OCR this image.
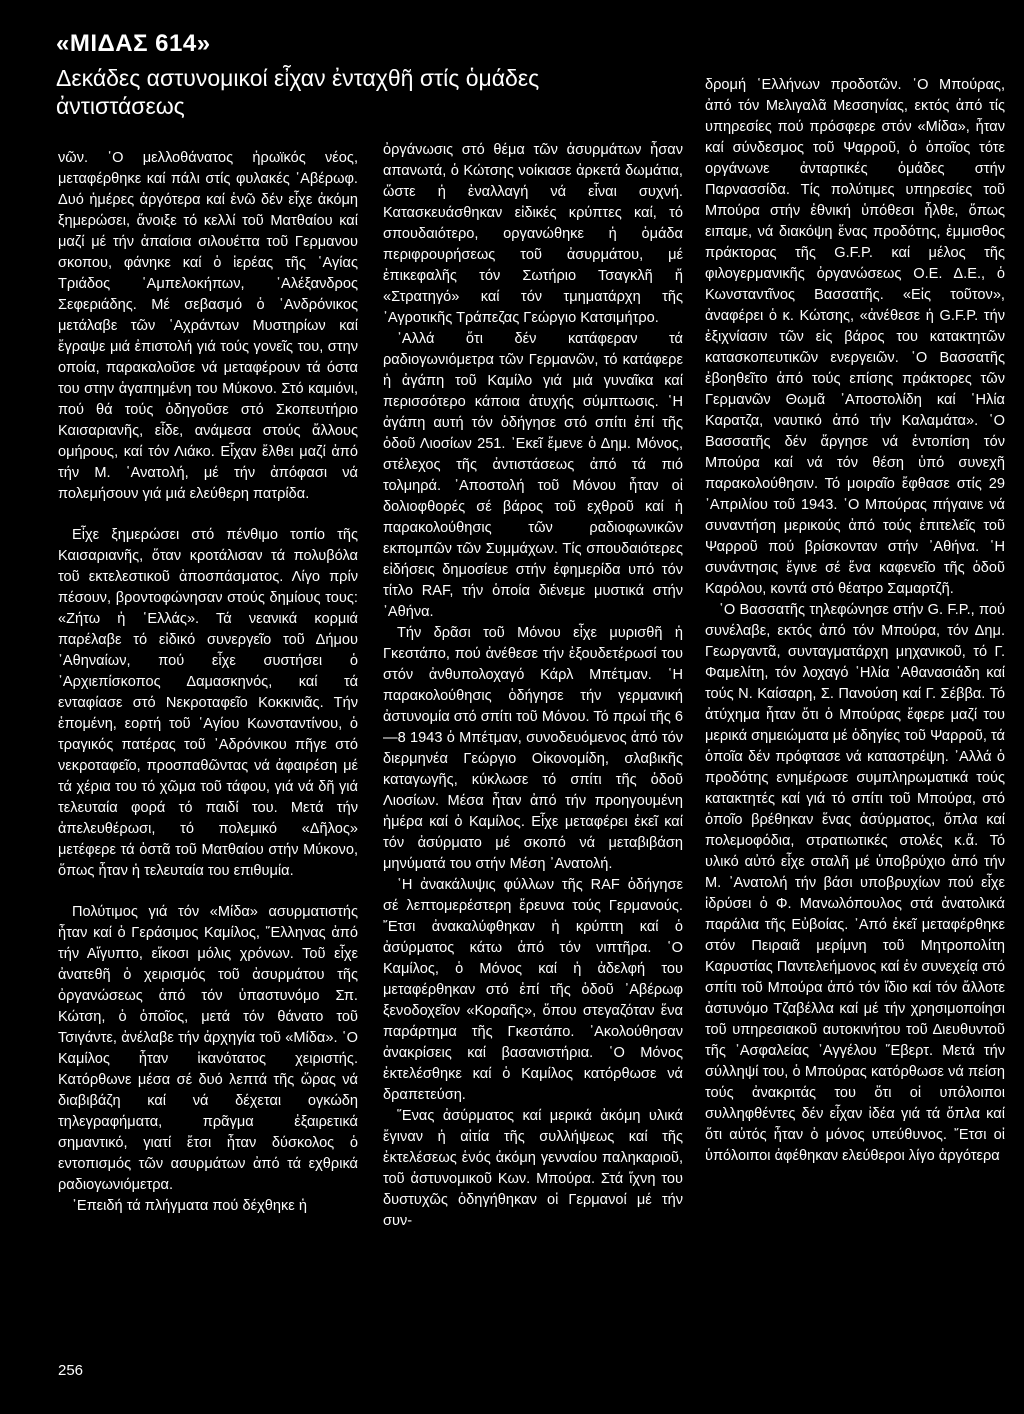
«ΜΙΔΑΣ 614»
Δεκάδες αστυνομικοί εἶχαν ἐνταχθῆ στίς ὁμάδες ἀντιστάσεως

νῶν. ῾Ο μελλοθάνατος ἡρωϊκός νέος, μεταφέρθηκε καί πάλι στίς φυλακές ῾Αβέρωφ. Δυό ἡμέρες ἀργότερα καί ἐνῶ δέν εἶχε ἀκόμη ξημερώσει, ἄνοιξε τό κελλί τοῦ Ματθαίου καί μαζί μέ τήν ἀπαίσια σιλουέττα τοῦ Γερμανου σκοπου, φάνηκε καί ὁ ἱερέας τῆς ῾Αγίας Τριάδος ῾Αμπελοκήπων, ῾Αλέξανδρος Σεφεριάδης. Μέ σεβασμό ὁ ῾Ανδρόνικος μετάλαβε τῶν ῾Αχράντων Μυστηρίων καί ἔγραψε μιά ἐπιστολή γιά τούς γονεῖς του, στην οποία, παρακαλοῦσε νά μεταφέρουν τά όστα του στην ἀγαπημένη του Μύκονο. Στό καμιόνι, πού θά τούς ὁδηγοῦσε στό Σκοπευτήριο Καισαριανῆς, εἶδε, ανάμεσα στούς ἄλλους ομήρους, καί τόν Λιάκο. Εἶχαν ἔλθει μαζί ἀπό τήν Μ. ῾Ανατολή, μέ τήν ἀπόφασι νά πολεμήσουν γιά μιά ελεύθερη πατρίδα.

Εἶχε ξημερώσει στό πένθιμο τοπίο τῆς Καισαριανῆς, ὅταν κροτάλισαν τά πολυβόλα τοῦ εκτελεστικοῦ ἀποσπάσματος. Λίγο πρίν πέσουν, βροντοφώνησαν στούς δημίους τους: «Ζήτω ἡ ῾Ελλάς». Τά νεανικά κορμιά παρέλαβε τό εἰδικό συνεργεῖο τοῦ Δήμου ᾽Αθηναίων, πού εἶχε συστήσει ὁ ᾽Αρχιεπίσκοπος Δαμασκηνός, καί τά ενταφίασε στό Νεκροταφεῖο Κοκκινιᾶς. Τήν ἑπομένη, εορτή τοῦ ῾Αγίου Κωνσταντίνου, ὁ τραγικός πατέρας τοῦ ᾽Αδρόνικου πῆγε στό νεκροταφεῖο, προσπαθῶντας νά ἀφαιρέση μέ τά χέρια του τό χῶμα τοῦ τάφου, γιά νά δῆ γιά τελευταία φορά τό παιδί του. Μετά τήν ἀπελευθέρωσι, τό πολεμικό «Δῆλος» μετέφερε τά ὀστᾶ τοῦ Ματθαίου στήν Μύκονο, ὅπως ἦταν ἡ τελευταία του επιθυμία.

Πολύτιμος γιά τόν «Μίδα» ασυρματιστής ἦταν καί ὁ Γεράσιμος Καμίλος, ῞Ελληνας ἀπό τήν Αἴγυπτο, εἴκοσι μόλις χρόνων. Τοῦ εἶχε ἀνατεθῆ ὁ χειρισμός τοῦ ἀσυρμάτου τῆς ὀργανώσεως ἀπό τόν ὑπαστυνόμο Σπ. Κώτση, ὁ ὁποῖος, μετά τόν θάνατο τοῦ Τσιγάντε, ἀνέλαβε τήν ἀρχηγία τοῦ «Μίδα». ῾Ο Καμίλος ἦταν ἱκανότατος χειριστής. Κατόρθωνε μέσα σέ δυό λεπτά τῆς ὥρας νά διαβιβάζη καί νά δέχεται ογκώδη τηλεγραφήματα, πρᾶγμα ἐξαιρετικά σημαντικό, γιατί ἔτσι ἦταν δύσκολος ὁ εντοπισμός τῶν ασυρμάτων ἀπό τά εχθρικά ραδιογωνιόμετρα.

᾽Επειδή τά πλήγματα πού δέχθηκε ἡ

ὀργάνωσις στό θέμα τῶν ἀσυρμάτων ἦσαν απανωτά, ὁ Κώτσης νοίκιασε ἀρκετά δωμάτια, ὥστε ἡ ἐναλλαγή νά εἶναι συχνή. Κατασκευάσθηκαν εἰδικές κρύπτες καί, τό σπουδαιότερο, οργανώθηκε ἡ ὁμάδα περιφρουρήσεως τοῦ ἀσυρμάτου, μέ ἐπικεφαλῆς τόν Σωτήριο Τσαγκλῆ ἤ «Στρατηγό» καί τόν τμηματάρχη τῆς ᾽Αγροτικῆς Τράπεζας Γεώργιο Κατσιμήτρο.

᾽Αλλά ὅτι δέν κατάφεραν τά ραδιογωνιόμετρα τῶν Γερμανῶν, τό κατάφερε ἡ ἀγάπη τοῦ Καμίλο γιά μιά γυναῖκα καί περισσότερο κάποια ἀτυχής σύμπτωσις. ῾Η ἀγάπη αυτή τόν ὁδήγησε στό σπίτι ἐπί τῆς ὁδοῦ Λιοσίων 251. ᾽Εκεῖ ἔμενε ὁ Δημ. Μόνος, στέλεχος τῆς ἀντιστάσεως ἀπό τά πιό τολμηρά. ᾽Αποστολή τοῦ Μόνου ἦταν οἱ δολιοφθορές σέ βάρος τοῦ εχθροῦ καί ἡ παρακολούθησις τῶν ραδιοφωνικῶν εκπομπῶν τῶν Συμμάχων. Τίς σπουδαιότερες εἰδήσεις δημοσίευε στήν ἐφημερίδα υπό τόν τίτλο RAF, τήν ὁποία διένεμε μυστικά στήν ᾽Αθήνα.

Τήν δρᾶσι τοῦ Μόνου εἶχε μυρισθῆ ἡ Γκεστάπο, πού ἀνέθεσε τήν ἐξουδετέρωσί του στόν ἀνθυπολοχαγό Κάρλ Μπέτμαν. ῾Η παρακολούθησις ὁδήγησε τήν γερμανική ἀστυνομία στό σπίτι τοῦ Μόνου. Τό πρωί τῆς 6—8 1943 ὁ Μπέτμαν, συνοδευόμενος ἀπό τόν διερμηνέα Γεώργιο Οἰκονομίδη, σλαβικῆς καταγωγῆς, κύκλωσε τό σπίτι τῆς ὁδοῦ Λιοσίων. Μέσα ἦταν ἀπό τήν προηγουμένη ἡμέρα καί ὁ Καμίλος. Εἶχε μεταφέρει ἐκεῖ καί τόν ἀσύρματο μέ σκοπό νά μεταβιβάση μηνύματά του στήν Μέση ᾽Ανατολή.

῾Η ἀνακάλυψις φύλλων τῆς RAF ὁδήγησε σέ λεπτομερέστερη ἔρευνα τούς Γερμανούς. ῎Ετσι ἀνακαλύφθηκαν ἡ κρύπτη καί ὁ ἀσύρματος κάτω ἀπό τόν νιπτῆρα. ῾Ο Καμίλος, ὁ Μόνος καί ἡ ἀδελφή του μεταφέρθηκαν στό ἐπί τῆς ὁδοῦ ᾽Αβέρωφ ξενοδοχεῖον «Κοραῆς», ὅπου στεγαζόταν ἕνα παράρτημα τῆς Γκεστάπο. ᾽Ακολούθησαν ἀνακρίσεις καί βασανιστήρια. ῾Ο Μόνος ἐκτελέσθηκε καί ὁ Καμίλος κατόρθωσε νά δραπετεύση.

῞Ενας ἀσύρματος καί μερικά ἀκόμη υλικά ἔγιναν ἡ αἰτία τῆς συλλήψεως καί τῆς ἐκτελέσεως ἑνός ἀκόμη γενναίου παληκαριοῦ, τοῦ ἀστυνομικοῦ Κων. Μπούρα. Στά ἴχνη του δυστυχῶς ὁδηγήθηκαν οἱ Γερμανοί μέ τήν συν-

δρομή ῾Ελλήνων προδοτῶν. ῾Ο Μπούρας, ἀπό τόν Μελιγαλᾶ Μεσσηνίας, εκτός ἀπό τίς υπηρεσίες πού πρόσφερε στόν «Μίδα», ἦταν καί σύνδεσμος τοῦ Ψαρροῦ, ὁ ὁποῖος τότε οργάνωνε ἀνταρτικές ὁμάδες στήν Παρνασσίδα. Τίς πολύτιμες υπηρεσίες τοῦ Μπούρα στήν ἐθνική ὑπόθεσι ἦλθε, ὅπως ειπαμε, νά διακόψη ἕνας προδότης, ἐμμισθος πράκτορας τῆς G.F.P. καί μέλος τῆς φιλογερμανικῆς ὀργανώσεως Ο.Ε. Δ.Ε., ὁ Κωνσταντῖνος Βασσατῆς. «Εἰς τοῦτον», ἀναφέρει ὁ κ. Κώτσης, «ἀνέθεσε ἡ G.F.P. τήν ἐξιχνίασιν τῶν εἰς βάρος του κατακτητῶν κατασκοπευτικῶν ενεργειῶν. ῾Ο Βασσατῆς ἐβοηθεῖτο ἀπό τούς επίσης πράκτορες τῶν Γερμανῶν Θωμᾶ ᾽Αποστολίδη καί ῾Ηλία Καρατζα, ναυτικό ἀπό τήν Καλαμάτα». ῾Ο Βασσατῆς δέν ἄργησε νά ἐντοπίση τόν Μπούρα καί νά τόν θέση ὑπό συνεχῆ παρακολούθησιν. Τό μοιραῖο ἔφθασε στίς 29 ᾽Απριλίου τοῦ 1943. ῾Ο Μπούρας πήγαινε νά συναντήση μερικούς ἀπό τούς ἐπιτελεῖς τοῦ Ψαρροῦ πού βρίσκονταν στήν ᾽Αθήνα. ῾Η συνάντησις ἔγινε σέ ἕνα καφενεῖο τῆς ὁδοῦ Καρόλου, κοντά στό θέατρο Σαμαρτζῆ.

῾Ο Βασσατῆς τηλεφώνησε στήν G. F.P., πού συνέλαβε, εκτός ἀπό τόν Μπούρα, τόν Δημ. Γεωργαντᾶ, συνταγματάρχη μηχανικοῦ, τό Γ. Φαμελίτη, τόν λοχαγό ῾Ηλία ᾽Αθανασιάδη καί τούς Ν. Καίσαρη, Σ. Πανούση καί Γ. Σέββα. Τό ἀτύχημα ἦταν ὅτι ὁ Μπούρας ἔφερε μαζί του μερικά σημειώματα μέ ὁδηγίες τοῦ Ψαρροῦ, τά ὁποῖα δέν πρόφτασε νά καταστρέψη. ᾽Αλλά ὁ προδότης ενημέρωσε συμπληρωματικά τούς κατακτητές καί γιά τό σπίτι τοῦ Μπούρα, στό ὁποῖο βρέθηκαν ἕνας ἀσύρματος, ὅπλα καί πολεμοφόδια, στρατιωτικές στολές κ.ἄ. Τό υλικό αὐτό εἶχε σταλῆ μέ ὑποβρύχιο ἀπό τήν Μ. ᾽Ανατολή τήν βάσι υποβρυχίων πού εἶχε ἱδρύσει ὁ Φ. Μανωλόπουλος στά ἀνατολικά παράλια τῆς Εὐβοίας. ᾽Από ἐκεῖ μεταφέρθηκε στόν Πειραιᾶ μερίμνη τοῦ Μητροπολίτη Καρυστίας Παντελεήμονος καί ἐν συνεχείᾳ στό σπίτι τοῦ Μπούρα ἀπό τόν ἴδιο καί τόν ἄλλοτε ἀστυνόμο Τζαβέλλα καί μέ τήν χρησιμοποίησι τοῦ υπηρεσιακοῦ αυτοκινήτου τοῦ Διευθυντοῦ τῆς ᾽Ασφαλείας ᾽Αγγέλου ῞Εβερτ. Μετά τήν σύλληψί του, ὁ Μπούρας κατόρθωσε νά πείση τούς ἀνακριτάς του ὅτι οἱ υπόλοιποι συλληφθέντες δέν εἶχαν ἰδέα γιά τά ὅπλα καί ὅτι αὐτός ἦταν ὁ μόνος υπεύθυνος. ῎Ετσι οἱ ὑπόλοιποι ἀφέθηκαν ελεύθεροι λίγο ἀργότερα

256
